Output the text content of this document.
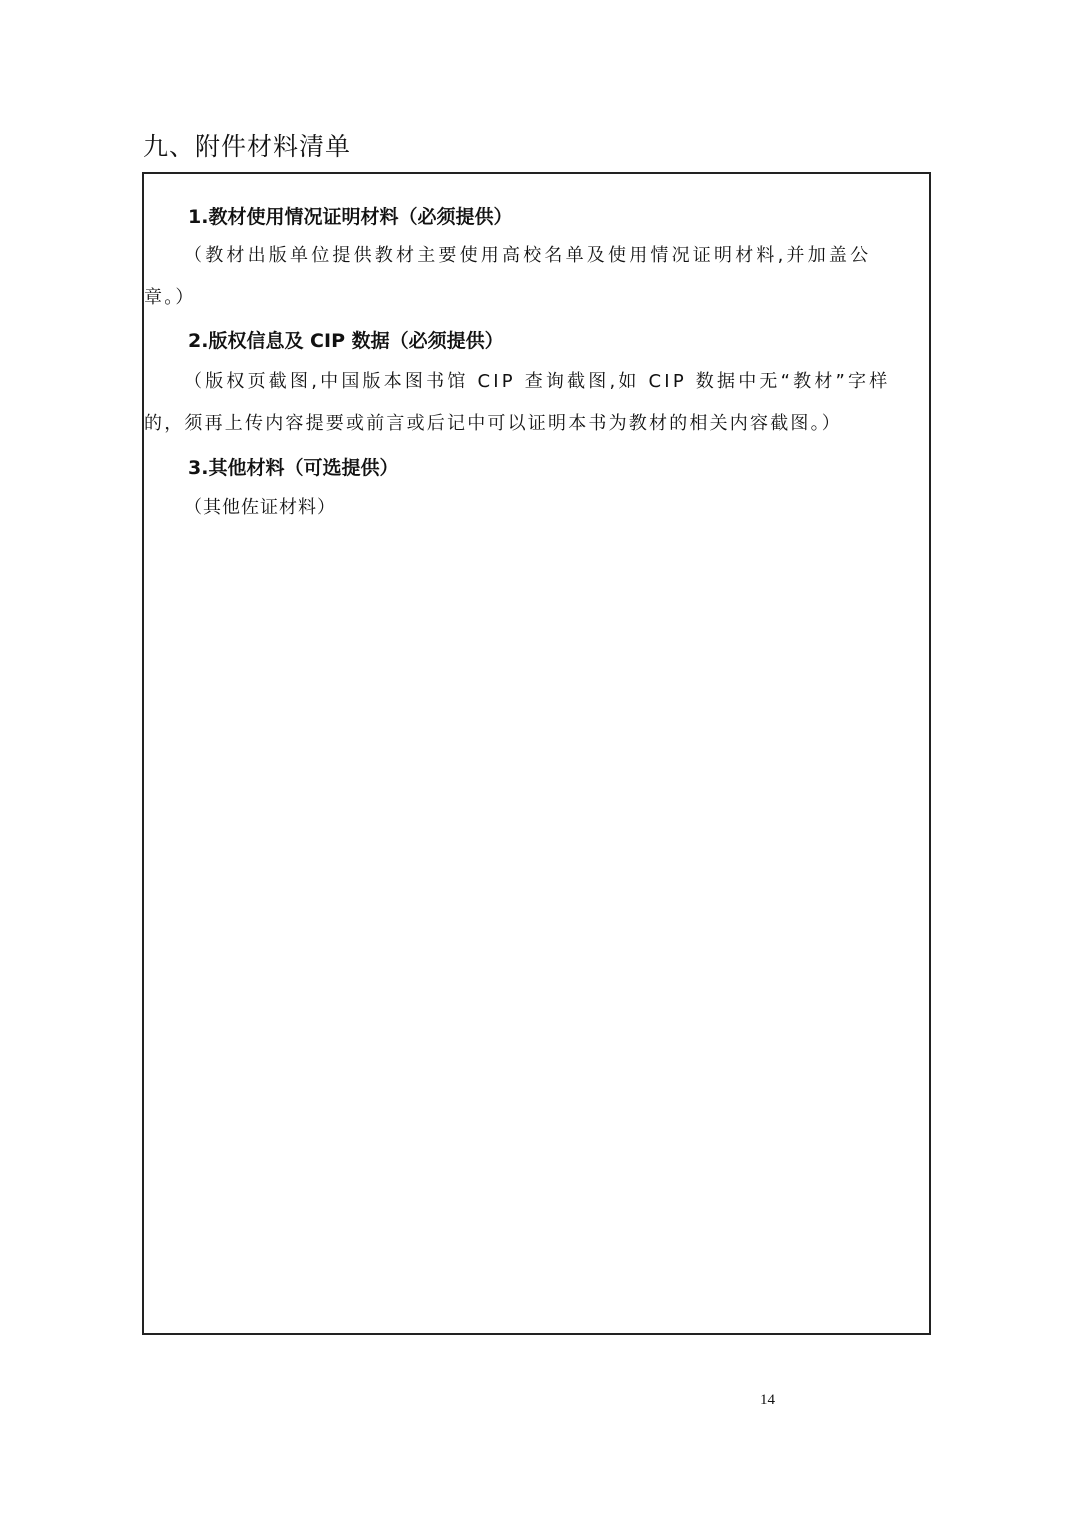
九、附件材料清单
1.教材使用情况证明材料（必须提供）
（教材出版单位提供教材主要使用高校名单及使用情况证明材料,并加盖公
章。）
2.版权信息及 CIP 数据（必须提供）
（版权页截图,中国版本图书馆 CIP 查询截图,如 CIP 数据中无“教材”字样
的，须再上传内容提要或前言或后记中可以证明本书为教材的相关内容截图。）
3.其他材料（可选提供）
（其他佐证材料）
14
